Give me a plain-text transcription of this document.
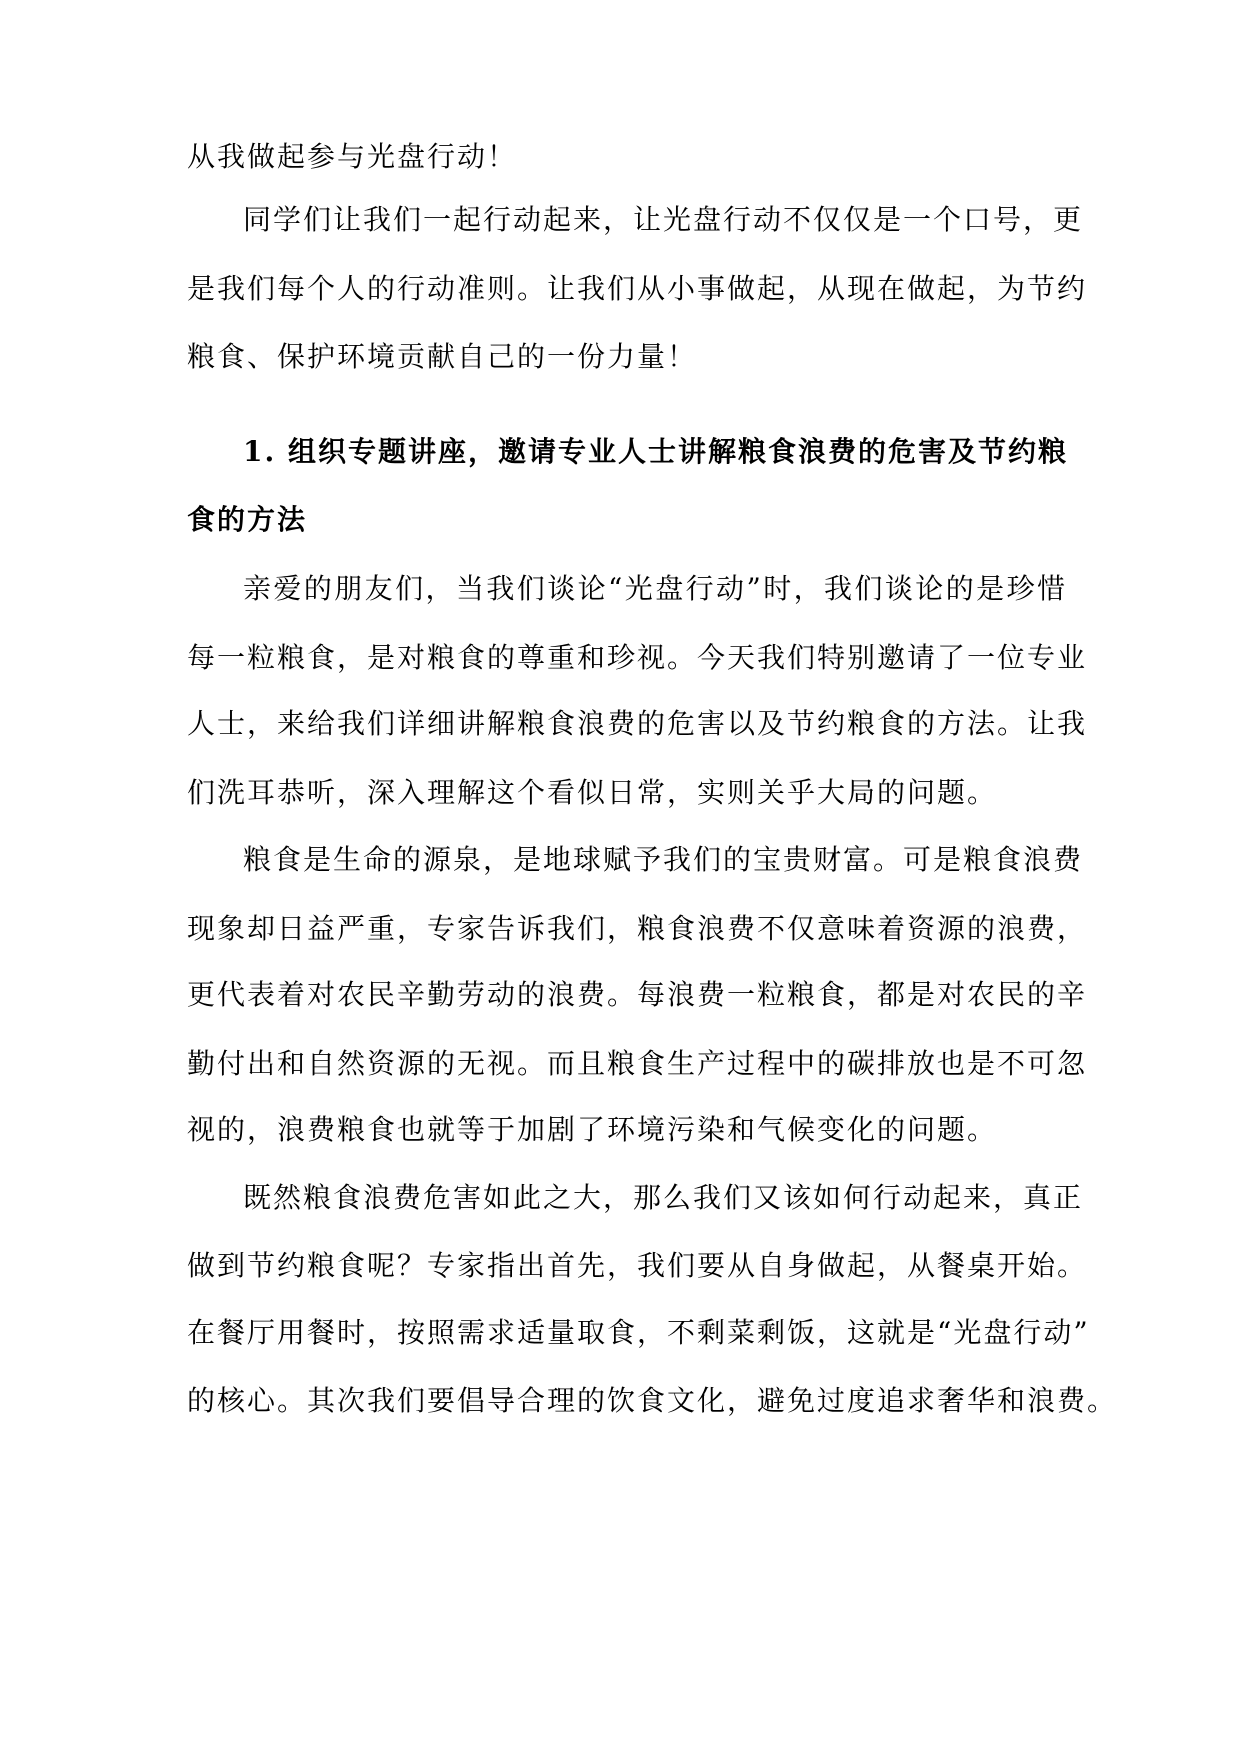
从我做起参与光盘行动！
同学们让我们一起行动起来，让光盘行动不仅仅是一个口号，更
是我们每个人的行动准则。让我们从小事做起，从现在做起，为节约
粮食、保护环境贡献自己的一份力量！
1. 组织专题讲座，邀请专业人士讲解粮食浪费的危害及节约粮
食的方法
亲爱的朋友们，当我们谈论“光盘行动”时，我们谈论的是珍惜
每一粒粮食，是对粮食的尊重和珍视。今天我们特别邀请了一位专业
人士，来给我们详细讲解粮食浪费的危害以及节约粮食的方法。让我
们洗耳恭听，深入理解这个看似日常，实则关乎大局的问题。
粮食是生命的源泉，是地球赋予我们的宝贵财富。可是粮食浪费
现象却日益严重，专家告诉我们，粮食浪费不仅意味着资源的浪费，
更代表着对农民辛勤劳动的浪费。每浪费一粒粮食，都是对农民的辛
勤付出和自然资源的无视。而且粮食生产过程中的碳排放也是不可忽
视的，浪费粮食也就等于加剧了环境污染和气候变化的问题。
既然粮食浪费危害如此之大，那么我们又该如何行动起来，真正
做到节约粮食呢？专家指出首先，我们要从自身做起，从餐桌开始。
在餐厅用餐时，按照需求适量取食，不剩菜剩饭，这就是“光盘行动”
的核心。其次我们要倡导合理的饮食文化，避免过度追求奢华和浪费。
